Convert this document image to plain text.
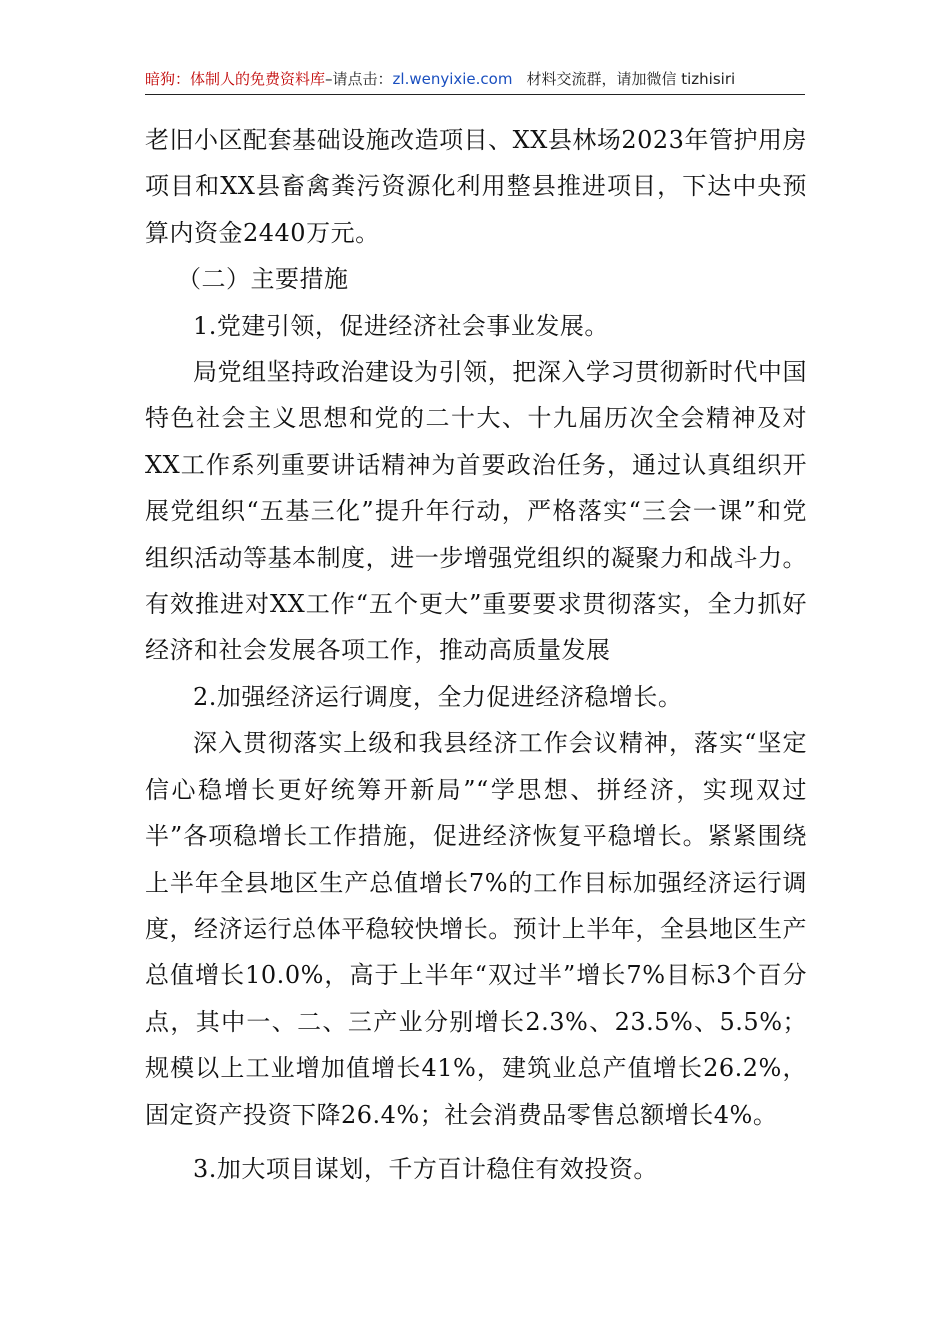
暗狗：体制人的免费资料库–请点击：zl.wenyixie.com 材料交流群，请加微信 tizhisiri

老旧小区配套基础设施改造项目、XX县林场2023年管护用房项目和XX县畜禽粪污资源化利用整县推进项目，下达中央预算内资金2440万元。

（二）主要措施

1.党建引领，促进经济社会事业发展。

局党组坚持政治建设为引领，把深入学习贯彻新时代中国特色社会主义思想和党的二十大、十九届历次全会精神及对XX工作系列重要讲话精神为首要政治任务，通过认真组织开展党组织“五基三化”提升年行动，严格落实“三会一课”和党组织活动等基本制度，进一步增强党组织的凝聚力和战斗力。有效推进对XX工作“五个更大”重要要求贯彻落实，全力抓好经济和社会发展各项工作，推动高质量发展

2.加强经济运行调度，全力促进经济稳增长。

深入贯彻落实上级和我县经济工作会议精神，落实“坚定信心稳增长更好统筹开新局”“学思想、拼经济，实现双过半”各项稳增长工作措施，促进经济恢复平稳增长。紧紧围绕上半年全县地区生产总值增长7%的工作目标加强经济运行调度，经济运行总体平稳较快增长。预计上半年，全县地区生产总值增长10.0%，高于上半年“双过半”增长7%目标3个百分点，其中一、二、三产业分别增长2.3%、23.5%、5.5%；规模以上工业增加值增长41%，建筑业总产值增长26.2%，固定资产投资下降26.4%；社会消费品零售总额增长4%。

3.加大项目谋划，千方百计稳住有效投资。
